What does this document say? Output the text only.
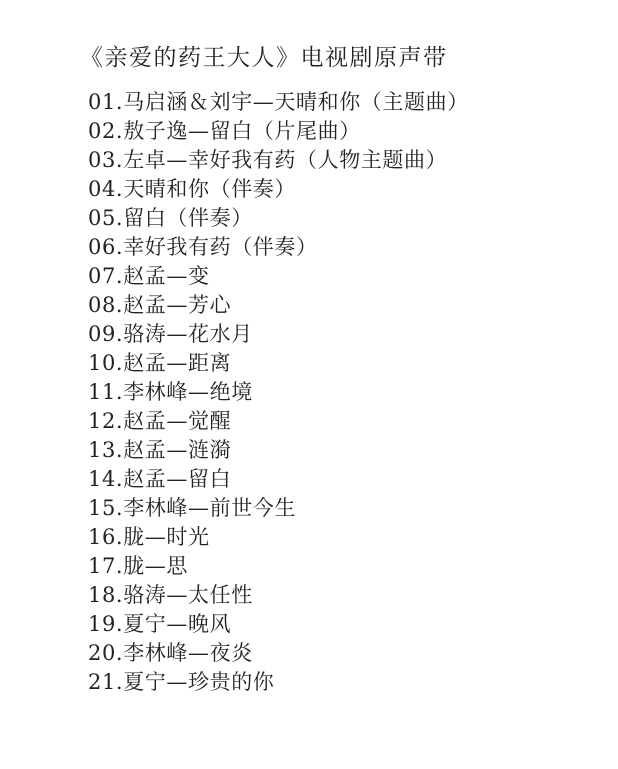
《亲爱的药王大人》电视剧原声带
01.马启涵＆刘宇—天晴和你（主题曲）
02.敖子逸—留白（片尾曲）
03.左卓—幸好我有药（人物主题曲）
04.天晴和你（伴奏）
05.留白（伴奏）
06.幸好我有药（伴奏）
07.赵孟—变
08.赵孟—芳心
09.骆涛—花水月
10.赵孟—距离
11.李林峰—绝境
12.赵孟—觉醒
13.赵孟—涟漪
14.赵孟—留白
15.李林峰—前世今生
16.胧—时光
17.胧—思
18.骆涛—太任性
19.夏宁—晚风
20.李林峰—夜炎
21.夏宁—珍贵的你
